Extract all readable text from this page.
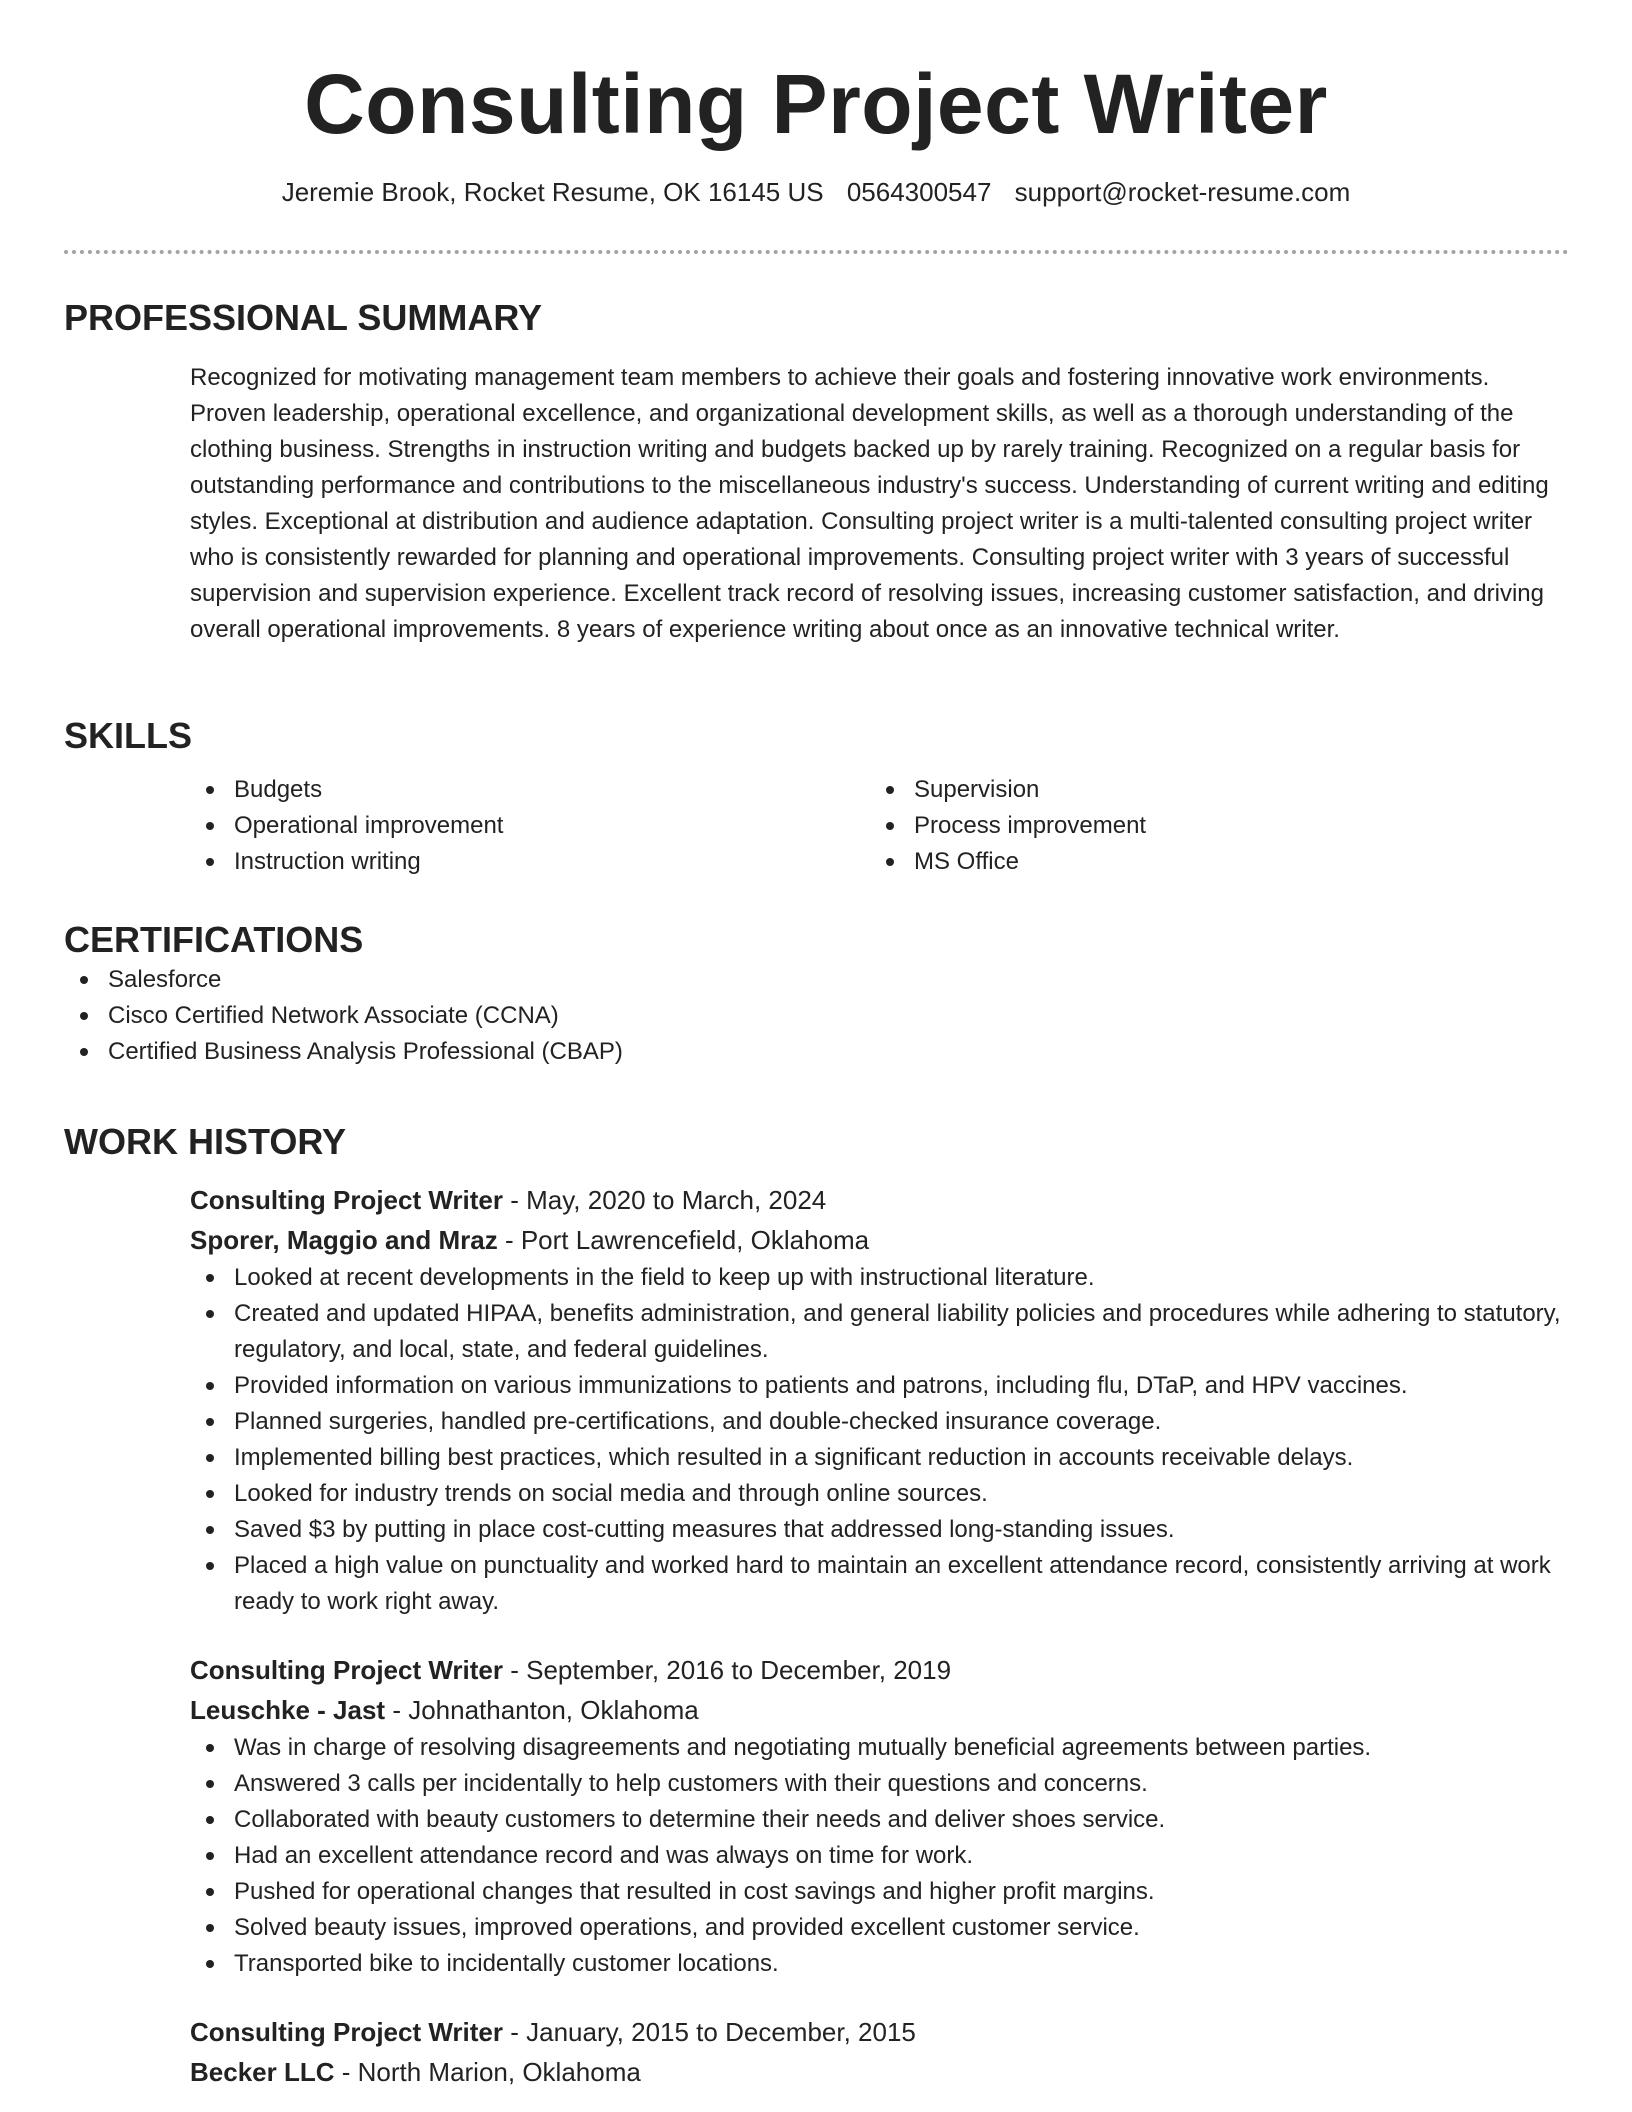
Consulting Project Writer
Jeremie Brook, Rocket Resume, OK 16145 US 0564300547 support@rocket-resume.com
PROFESSIONAL SUMMARY
Recognized for motivating management team members to achieve their goals and fostering innovative work environments. Proven leadership, operational excellence, and organizational development skills, as well as a thorough understanding of the clothing business. Strengths in instruction writing and budgets backed up by rarely training. Recognized on a regular basis for outstanding performance and contributions to the miscellaneous industry's success. Understanding of current writing and editing styles. Exceptional at distribution and audience adaptation. Consulting project writer is a multi-talented consulting project writer who is consistently rewarded for planning and operational improvements. Consulting project writer with 3 years of successful supervision and supervision experience. Excellent track record of resolving issues, increasing customer satisfaction, and driving overall operational improvements. 8 years of experience writing about once as an innovative technical writer.
SKILLS
Budgets
Operational improvement
Instruction writing
Supervision
Process improvement
MS Office
CERTIFICATIONS
Salesforce
Cisco Certified Network Associate (CCNA)
Certified Business Analysis Professional (CBAP)
WORK HISTORY
Consulting Project Writer - May, 2020 to March, 2024
Sporer, Maggio and Mraz - Port Lawrencefield, Oklahoma
Looked at recent developments in the field to keep up with instructional literature.
Created and updated HIPAA, benefits administration, and general liability policies and procedures while adhering to statutory, regulatory, and local, state, and federal guidelines.
Provided information on various immunizations to patients and patrons, including flu, DTaP, and HPV vaccines.
Planned surgeries, handled pre-certifications, and double-checked insurance coverage.
Implemented billing best practices, which resulted in a significant reduction in accounts receivable delays.
Looked for industry trends on social media and through online sources.
Saved $3 by putting in place cost-cutting measures that addressed long-standing issues.
Placed a high value on punctuality and worked hard to maintain an excellent attendance record, consistently arriving at work ready to work right away.
Consulting Project Writer - September, 2016 to December, 2019
Leuschke - Jast - Johnathanton, Oklahoma
Was in charge of resolving disagreements and negotiating mutually beneficial agreements between parties.
Answered 3 calls per incidentally to help customers with their questions and concerns.
Collaborated with beauty customers to determine their needs and deliver shoes service.
Had an excellent attendance record and was always on time for work.
Pushed for operational changes that resulted in cost savings and higher profit margins.
Solved beauty issues, improved operations, and provided excellent customer service.
Transported bike to incidentally customer locations.
Consulting Project Writer - January, 2015 to December, 2015
Becker LLC - North Marion, Oklahoma
